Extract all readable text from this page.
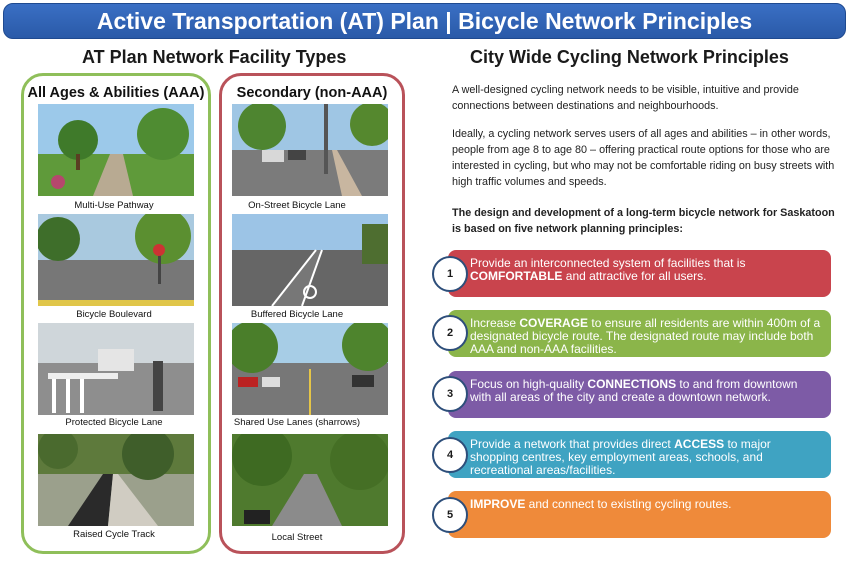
Active Transportation (AT) Plan | Bicycle Network Principles
AT Plan Network Facility Types	City Wide Cycling Network Principles
All Ages & Abilities (AAA)	Secondary (non-AAA)
Multi-Use Pathway
Bicycle Boulevard
Protected Bicycle Lane
Raised Cycle Track
On-Street Bicycle Lane
Buffered Bicycle Lane
Shared Use Lanes (sharrows)
Local Street
A well-designed cycling network needs to be visible, intuitive and provide connections between destinations and neighbourhoods.
Ideally, a cycling network serves users of all ages and abilities – in other words, people from age 8 to age 80 – offering practical route options for those who are interested in cycling, but who may not be comfortable riding on busy streets with high traffic volumes and speeds.
The design and development of a long-term bicycle network for Saskatoon is based on five network planning principles:
Provide an interconnected system of facilities that is COMFORTABLE and attractive for all users.
1
Increase COVERAGE to ensure all residents are within 400m of a designated bicycle route. The designated route may include both AAA and non-AAA facilities.
2
Focus on high-quality CONNECTIONS to and from downtown with all areas of the city and create a downtown network.
3
Provide a network that provides direct ACCESS to major shopping centres, key employment areas, schools, and recreational areas/facilities.
4
IMPROVE and connect to existing cycling routes.
5
